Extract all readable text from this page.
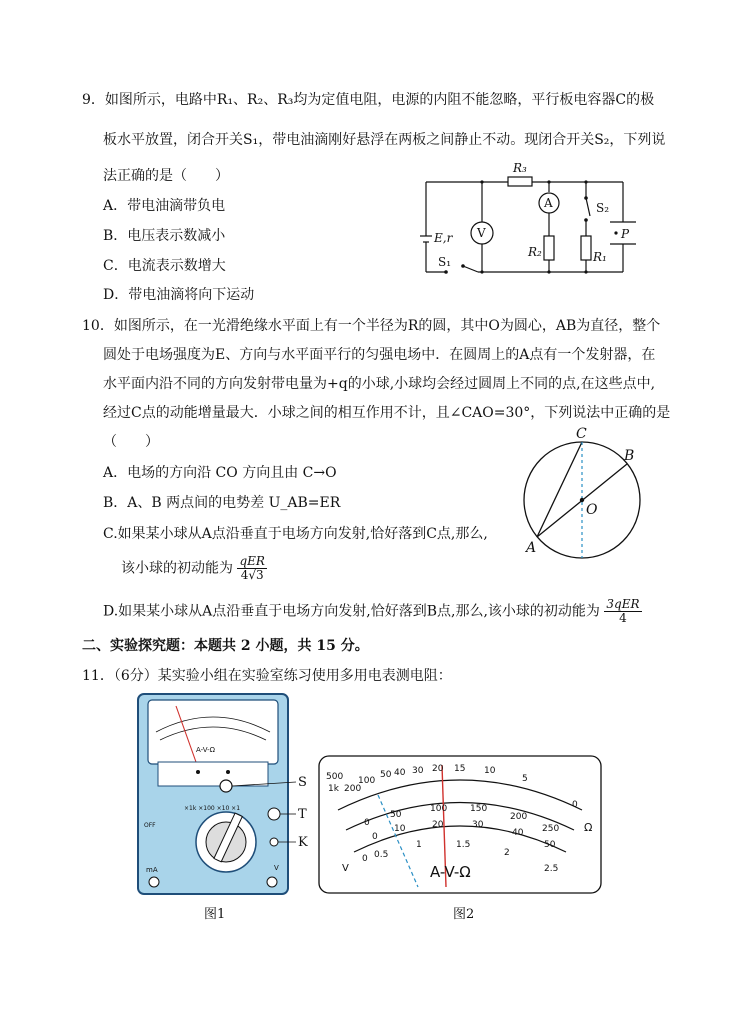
9．如图所示，电路中R₁、R₂、R₃均为定值电阻，电源的内阻不能忽略，平行板电容器C的极
板水平放置，闭合开关S₁，带电油滴刚好悬浮在两板之间静止不动。现闭合开关S₂，下列说
法正确的是（　　）
A．带电油滴带负电
B．电压表示数减小
C．电流表示数增大
D．带电油滴将向下运动
R₃
A
V
E,r
R₂	R₁
S₁
S₂
P
10．如图所示，在一光滑绝缘水平面上有一个半径为R的圆，其中O为圆心，AB为直径，整个
圆处于电场强度为E、方向与水平面平行的匀强电场中．在圆周上的A点有一个发射器，在
水平面内沿不同的方向发射带电量为+q的小球,小球均会经过圆周上不同的点,在这些点中,
经过C点的动能增量最大．小球之间的相互作用不计，且∠CAO=30°，下列说法中正确的是
（　　）
A．电场的方向沿 CO 方向且由 C→O
B．A、B 两点间的电势差 U_AB=ER
C.如果某小球从A点沿垂直于电场方向发射,恰好落到C点,那么,
该小球的初动能为 $\frac{\text{qER}}{4√3}$
D.如果某小球从A点沿垂直于电场方向发射,恰好落到B点,那么,该小球的初动能为 $\frac{\text{3qER}}{4}$
C
B
O
A
二、实验探究题：本题共 2 小题，共 15 分。
11．（6分）某实验小组在实验室练习使用多用电表测电阻：
A-V-Ω
×1k ×100 ×10 ×1
OFF
mA	V
S
T
K
500
1k 200
100
50 40 30 20 15 10
5
0
0
50
100	150
200
250
0
10	20	30
40
50
0 0.5
1	1.5
2
2.5
Ω
V	A-V-Ω
图1	图2
